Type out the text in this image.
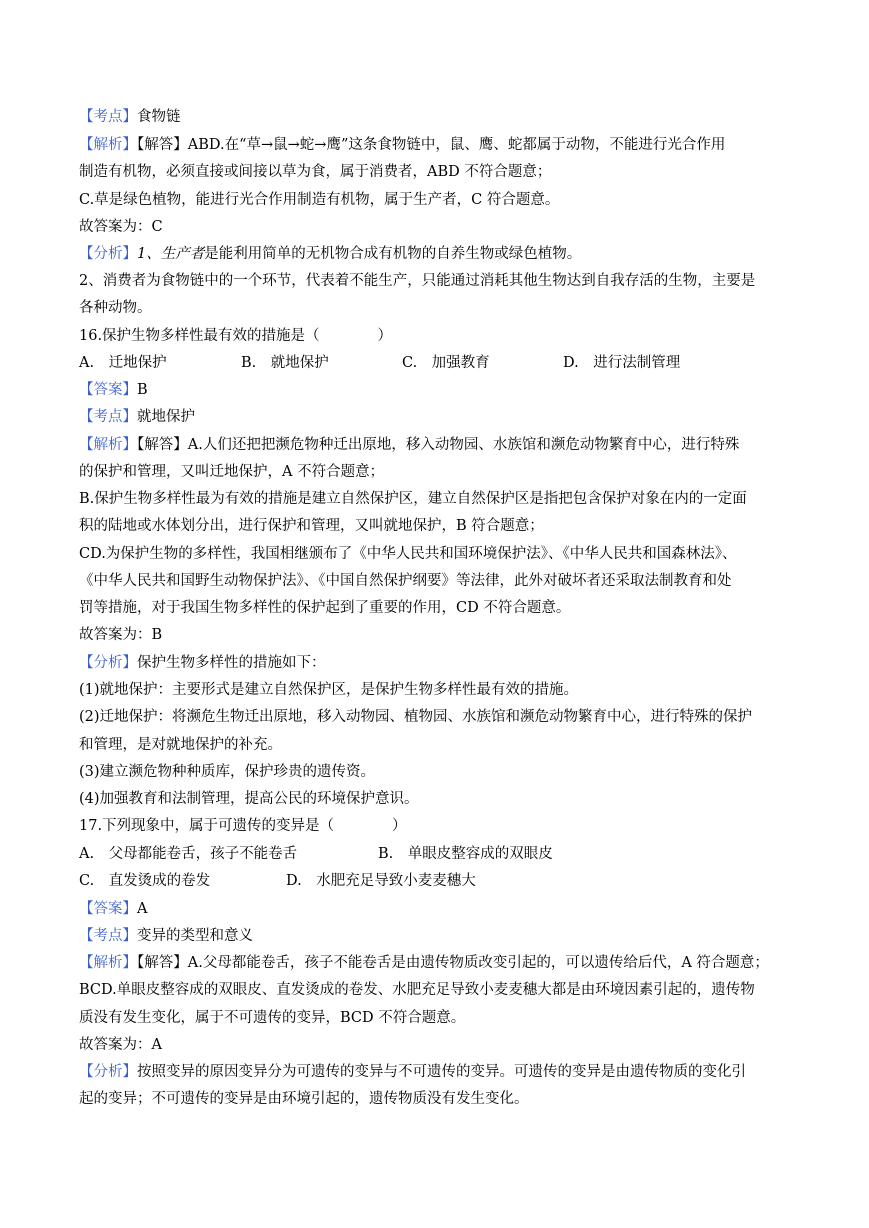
【考点】食物链
【解析】【解答】ABD.在“草→鼠→蛇→鹰”这条食物链中，鼠、鹰、蛇都属于动物，不能进行光合作用
制造有机物，必须直接或间接以草为食，属于消费者，ABD 不符合题意；
C.草是绿色植物，能进行光合作用制造有机物，属于生产者，C 符合题意。
故答案为：C
【分析】1、生产者是能利用简单的无机物合成有机物的自养生物或绿色植物。
2、消费者为食物链中的一个环节，代表着不能生产，只能通过消耗其他生物达到自我存活的生物，主要是
各种动物。
16.保护生物多样性最有效的措施是（　　　　）
A.　迁地保护	B.　就地保护	C.　加强教育	D.　进行法制管理
【答案】B
【考点】就地保护
【解析】【解答】A.人们还把把濒危物种迁出原地，移入动物园、水族馆和濒危动物繁育中心，进行特殊
的保护和管理，又叫迁地保护，A 不符合题意；
B.保护生物多样性最为有效的措施是建立自然保护区，建立自然保护区是指把包含保护对象在内的一定面
积的陆地或水体划分出，进行保护和管理，又叫就地保护，B 符合题意；
CD.为保护生物的多样性，我国相继颁布了《中华人民共和国环境保护法》、《中华人民共和国森林法》、
《中华人民共和国野生动物保护法》、《中国自然保护纲要》等法律，此外对破坏者还采取法制教育和处
罚等措施，对于我国生物多样性的保护起到了重要的作用，CD 不符合题意。
故答案为：B
【分析】保护生物多样性的措施如下：
(1)就地保护：主要形式是建立自然保护区，是保护生物多样性最有效的措施。
(2)迁地保护：将濒危生物迁出原地，移入动物园、植物园、水族馆和濒危动物繁育中心，进行特殊的保护
和管理，是对就地保护的补充。
(3)建立濒危物种种质库，保护珍贵的遗传资。
(4)加强教育和法制管理，提高公民的环境保护意识。
17.下列现象中，属于可遗传的变异是（　　　　）
A.　父母都能卷舌，孩子不能卷舌	B.　单眼皮整容成的双眼皮
C.　直发烫成的卷发	D.　水肥充足导致小麦麦穗大
【答案】A
【考点】变异的类型和意义
【解析】【解答】A.父母都能卷舌，孩子不能卷舌是由遗传物质改变引起的，可以遗传给后代，A 符合题意；
BCD.单眼皮整容成的双眼皮、直发烫成的卷发、水肥充足导致小麦麦穗大都是由环境因素引起的，遗传物
质没有发生变化，属于不可遗传的变异，BCD 不符合题意。
故答案为：A
【分析】按照变异的原因变异分为可遗传的变异与不可遗传的变异。可遗传的变异是由遗传物质的变化引
起的变异；不可遗传的变异是由环境引起的，遗传物质没有发生变化。
